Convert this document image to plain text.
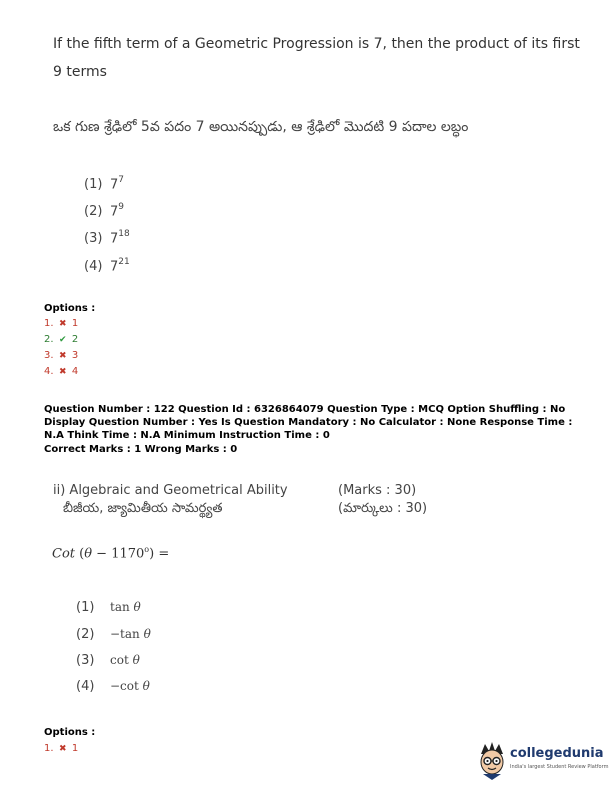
If the fifth term of a Geometric Progression is 7, then the product of its first
9 terms
ఒక గుణ శ్రేఢిలో 5వ పదం 7 అయినప్పుడు, ఆ శ్రేఢిలో మొదటి 9 పదాల లబ్ధం
(1) $7^7$
(2) $7^9$
(3) $7^{18}$
(4) $7^{21}$
Options :
1. ✖ 1
2. ✔ 2
3. ✖ 3
4. ✖ 4
Question Number : 122 Question Id : 6326864079 Question Type : MCQ Option Shuffling : No Display Question Number : Yes Is Question Mandatory : No Calculator : None Response Time : N.A Think Time : N.A Minimum Instruction Time : 0
Correct Marks : 1 Wrong Marks : 0
ii) Algebraic and Geometrical Ability
బీజీయ, జ్యామితీయ సామర్థ్యత
(Marks : 30)
(మార్కులు : 30)
Cot $(\theta - 1170^o)$ =
(1) tan θ
(2) −tan θ
(3) cot θ
(4) −cot θ
Options :
1. ✖ 1	collegedunia
India's largest Student Review Platform
